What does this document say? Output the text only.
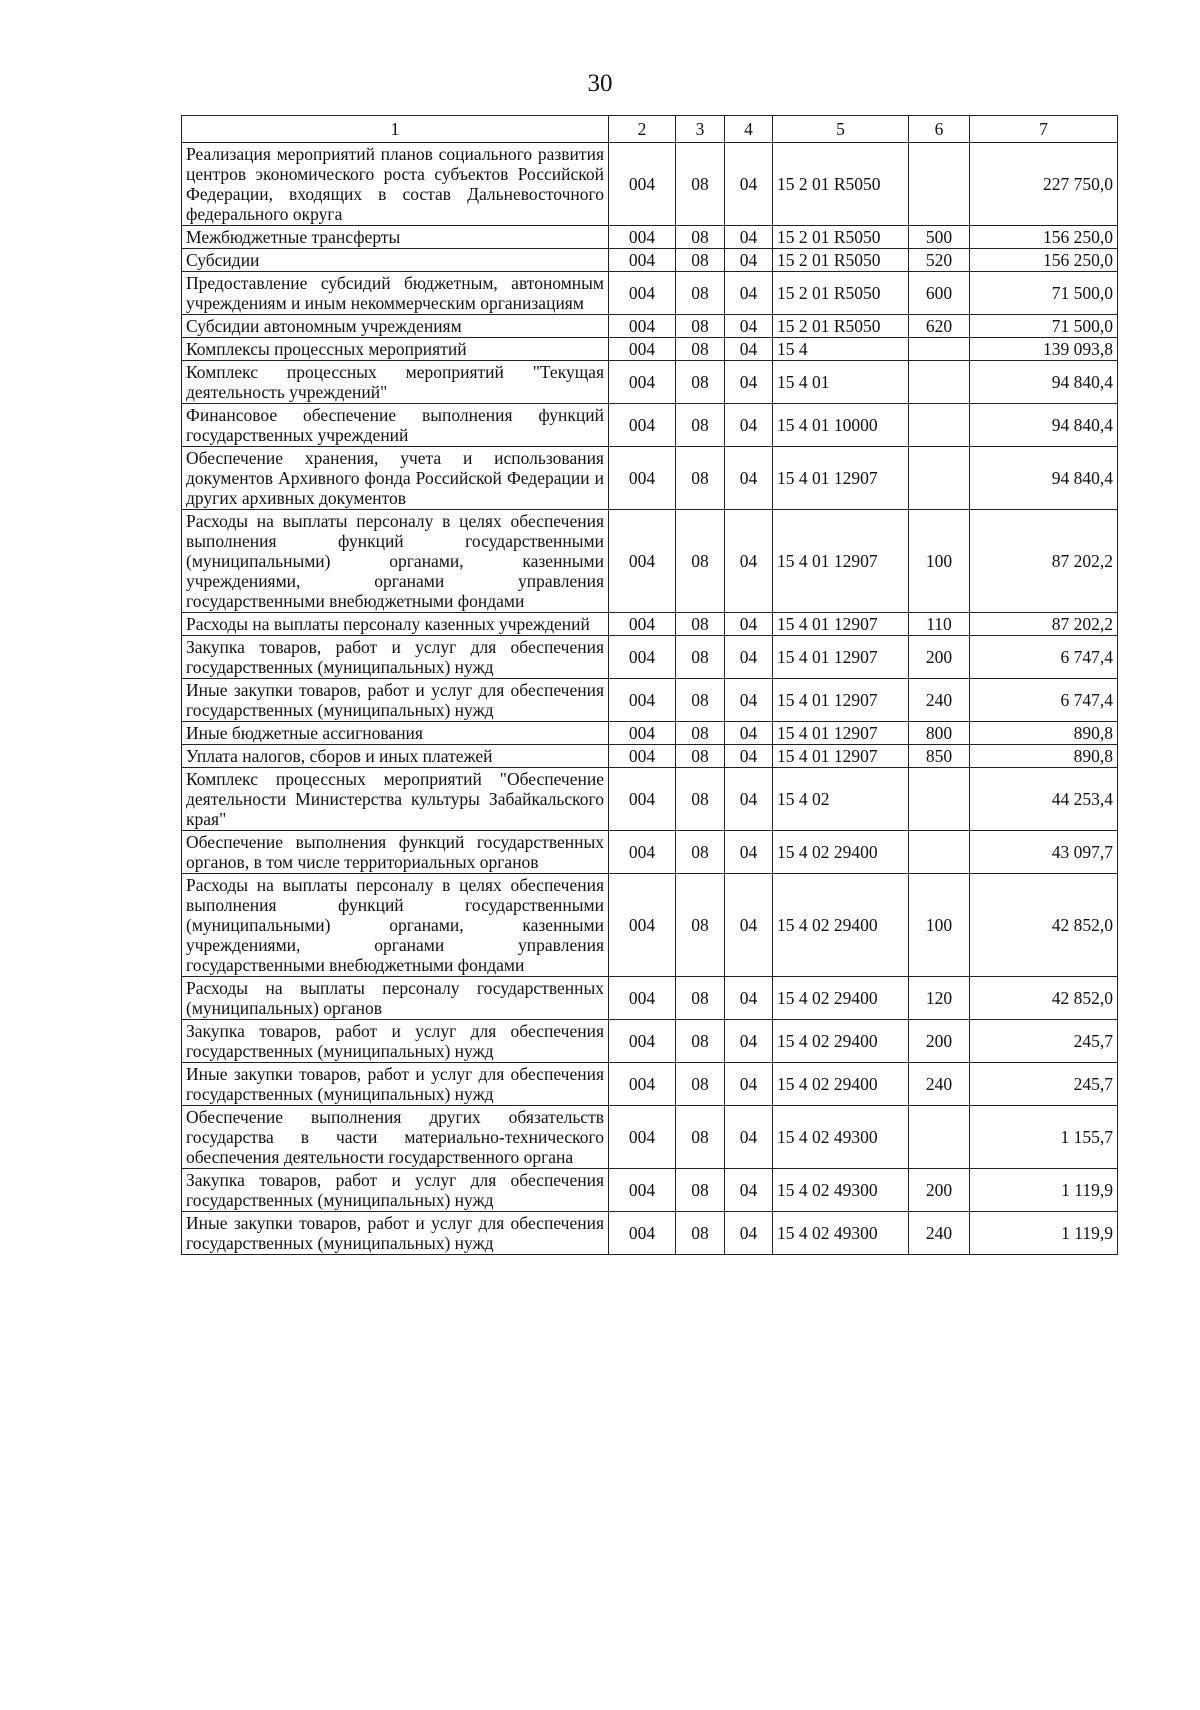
30
1	2	3	4	5	6	7
Реализация мероприятий планов социального развития центров экономического роста субъектов Российской Федерации, входящих в состав Дальневосточного федерального округа	004	08	04	15 2 01 R5050		227 750,0
Межбюджетные трансферты	004	08	04	15 2 01 R5050	500	156 250,0
Субсидии	004	08	04	15 2 01 R5050	520	156 250,0
Предоставление субсидий бюджетным, автономным учреждениям и иным некоммерческим организациям	004	08	04	15 2 01 R5050	600	71 500,0
Субсидии автономным учреждениям	004	08	04	15 2 01 R5050	620	71 500,0
Комплексы процессных мероприятий	004	08	04	15 4		139 093,8
Комплекс процессных мероприятий "Текущая деятельность учреждений"	004	08	04	15 4 01		94 840,4
Финансовое обеспечение выполнения функций государственных учреждений	004	08	04	15 4 01 10000		94 840,4
Обеспечение хранения, учета и использования документов Архивного фонда Российской Федерации и других архивных документов	004	08	04	15 4 01 12907		94 840,4
Расходы на выплаты персоналу в целях обеспечения выполнения функций государственными (муниципальными) органами, казенными учреждениями, органами управления государственными внебюджетными фондами	004	08	04	15 4 01 12907	100	87 202,2
Расходы на выплаты персоналу казенных учреждений	004	08	04	15 4 01 12907	110	87 202,2
Закупка товаров, работ и услуг для обеспечения государственных (муниципальных) нужд	004	08	04	15 4 01 12907	200	6 747,4
Иные закупки товаров, работ и услуг для обеспечения государственных (муниципальных) нужд	004	08	04	15 4 01 12907	240	6 747,4
Иные бюджетные ассигнования	004	08	04	15 4 01 12907	800	890,8
Уплата налогов, сборов и иных платежей	004	08	04	15 4 01 12907	850	890,8
Комплекс процессных мероприятий "Обеспечение деятельности Министерства культуры Забайкальского края"	004	08	04	15 4 02		44 253,4
Обеспечение выполнения функций государственных органов, в том числе территориальных органов	004	08	04	15 4 02 29400		43 097,7
Расходы на выплаты персоналу в целях обеспечения выполнения функций государственными (муниципальными) органами, казенными учреждениями, органами управления государственными внебюджетными фондами	004	08	04	15 4 02 29400	100	42 852,0
Расходы на выплаты персоналу государственных (муниципальных) органов	004	08	04	15 4 02 29400	120	42 852,0
Закупка товаров, работ и услуг для обеспечения государственных (муниципальных) нужд	004	08	04	15 4 02 29400	200	245,7
Иные закупки товаров, работ и услуг для обеспечения государственных (муниципальных) нужд	004	08	04	15 4 02 29400	240	245,7
Обеспечение выполнения других обязательств государства в части материально-технического обеспечения деятельности государственного органа	004	08	04	15 4 02 49300		1 155,7
Закупка товаров, работ и услуг для обеспечения государственных (муниципальных) нужд	004	08	04	15 4 02 49300	200	1 119,9
Иные закупки товаров, работ и услуг для обеспечения государственных (муниципальных) нужд	004	08	04	15 4 02 49300	240	1 119,9
